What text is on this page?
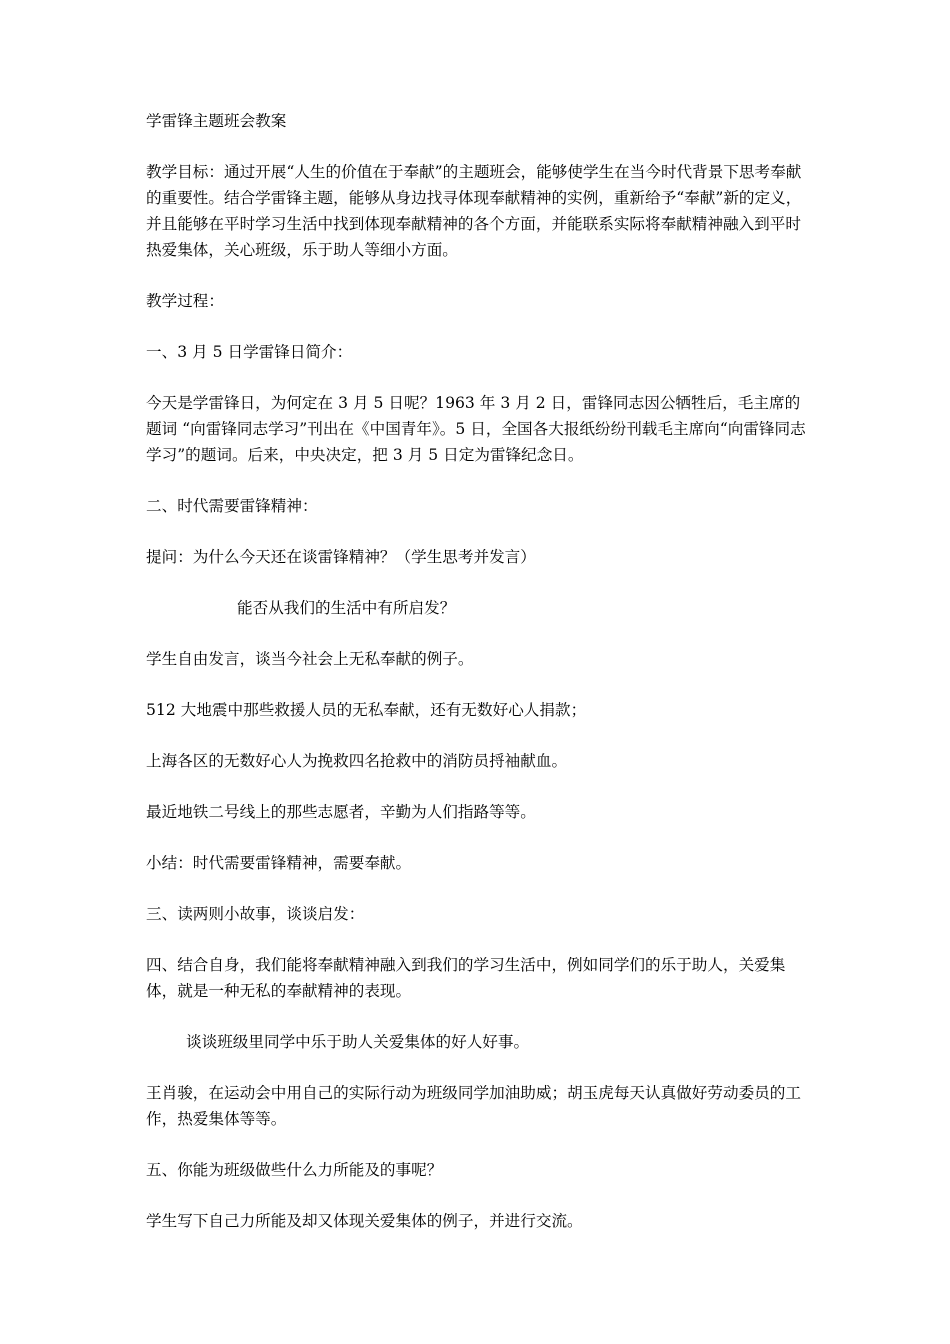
学雷锋主题班会教案

教学目标：通过开展“人生的价值在于奉献”的主题班会，能够使学生在当今时代背景下思考奉献的重要性。结合学雷锋主题，能够从身边找寻体现奉献精神的实例，重新给予“奉献”新的定义，并且能够在平时学习生活中找到体现奉献精神的各个方面，并能联系实际将奉献精神融入到平时热爱集体，关心班级，乐于助人等细小方面。

教学过程：

一、3 月 5 日学雷锋日简介：

今天是学雷锋日，为何定在 3 月 5 日呢？1963 年 3 月 2 日，雷锋同志因公牺牲后，毛主席的题词 “向雷锋同志学习”刊出在《中国青年》。5 日，全国各大报纸纷纷刊载毛主席向“向雷锋同志学习”的题词。后来，中央决定，把 3 月 5 日定为雷锋纪念日。

二、时代需要雷锋精神：

提问：为什么今天还在谈雷锋精神？（学生思考并发言）

能否从我们的生活中有所启发？

学生自由发言，谈当今社会上无私奉献的例子。

512 大地震中那些救援人员的无私奉献，还有无数好心人捐款；

上海各区的无数好心人为挽救四名抢救中的消防员捋袖献血。

最近地铁二号线上的那些志愿者，辛勤为人们指路等等。

小结：时代需要雷锋精神，需要奉献。

三、读两则小故事，谈谈启发：

四、结合自身，我们能将奉献精神融入到我们的学习生活中，例如同学们的乐于助人，关爱集体，就是一种无私的奉献精神的表现。

谈谈班级里同学中乐于助人关爱集体的好人好事。

王肖骏，在运动会中用自己的实际行动为班级同学加油助威；胡玉虎每天认真做好劳动委员的工作，热爱集体等等。

五、你能为班级做些什么力所能及的事呢？

学生写下自己力所能及却又体现关爱集体的例子，并进行交流。
